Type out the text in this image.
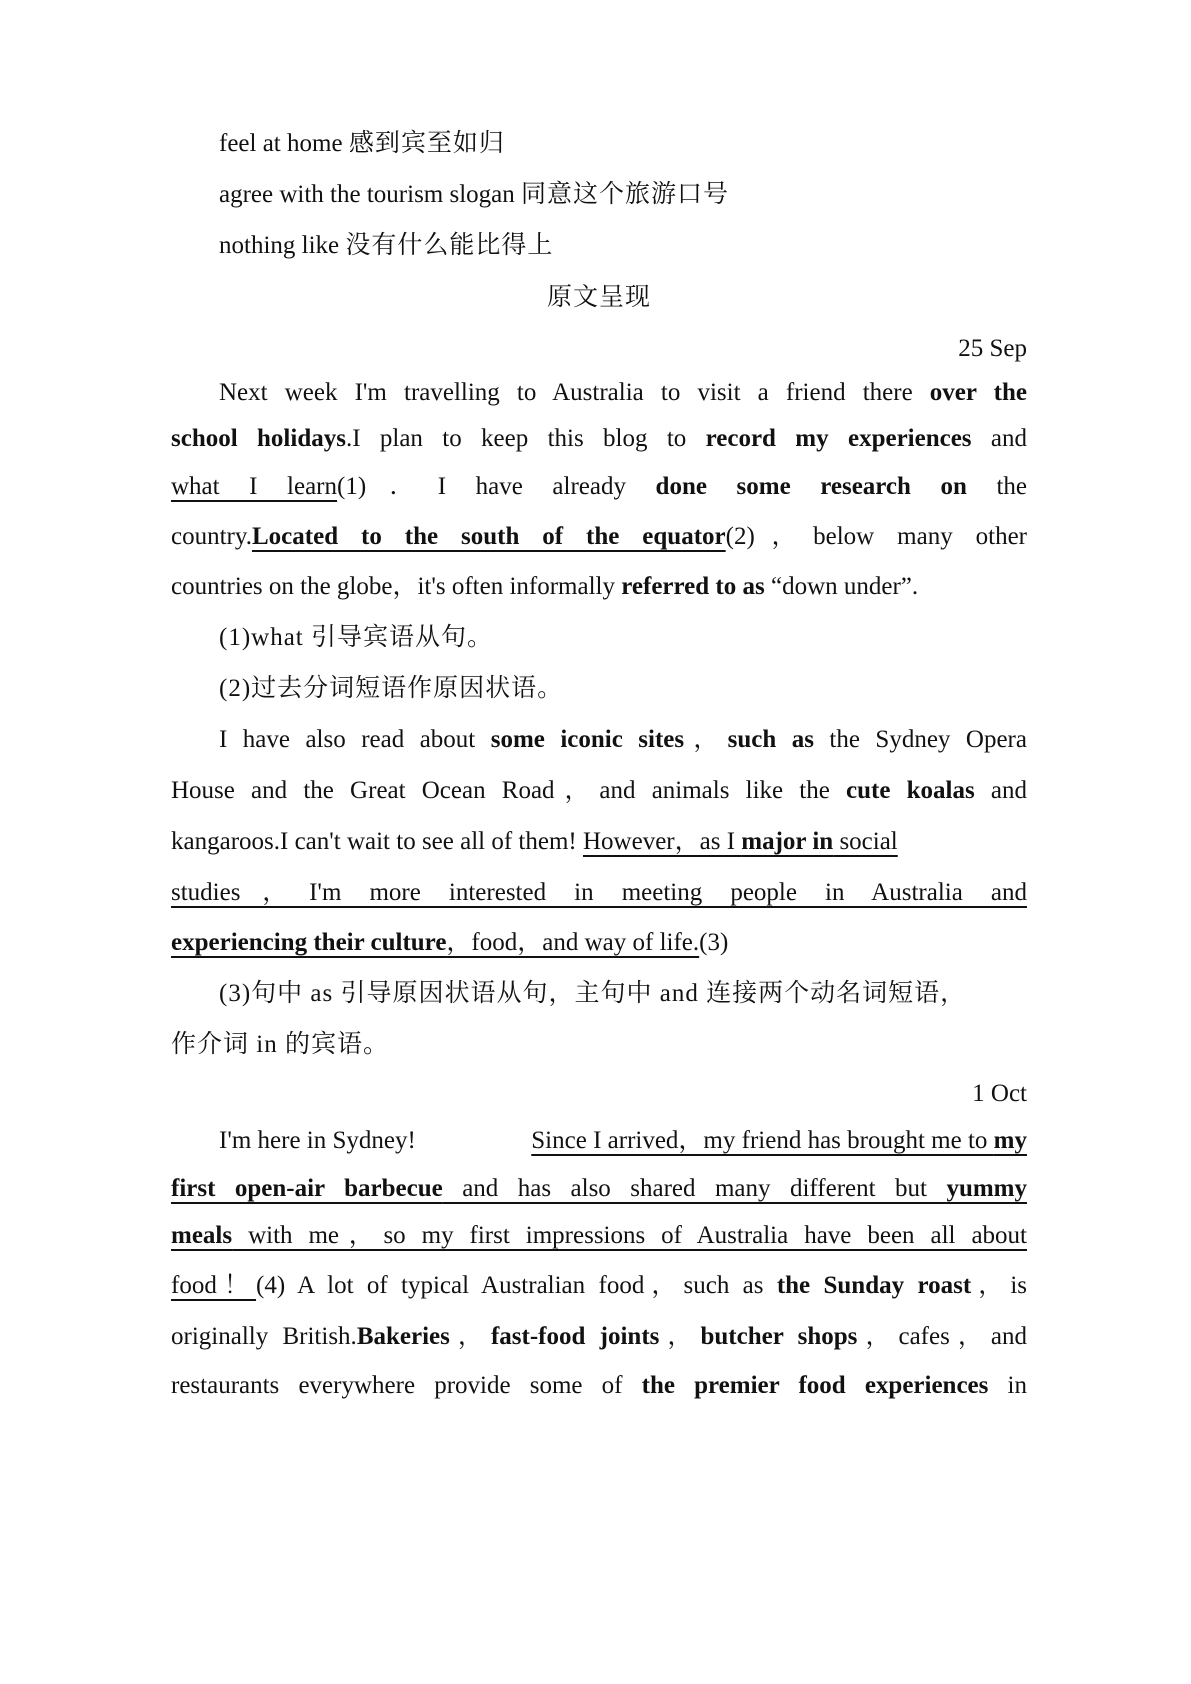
feel at home 感到宾至如归
agree with the tourism slogan 同意这个旅游口号
nothing like 没有什么能比得上
原文呈现
25 Sep
Next week I'm travelling to Australia to visit a friend there over the
school holidays.I plan to keep this blog to record my experiences and
what I learn(1)．I have already done some research on the
country.Located to the south of the equator(2)，below many other
countries on the globe，it's often informally referred to as “down under”.
(1)what 引导宾语从句。
(2)过去分词短语作原因状语。
I have also read about some iconic sites，such as the Sydney Opera
House and the Great Ocean Road，and animals like the cute koalas and
kangaroos.I can't wait to see all of them! However，as I major in social
studies，I'm more interested in meeting people in Australia and
experiencing their culture，food，and way of life.(3)
(3)句中 as 引导原因状语从句，主句中 and 连接两个动名词短语，
作介词 in 的宾语。
1 Oct
I'm here in Sydney!	Since I arrived，my friend has brought me to my
first open-air barbecue and has also shared many different but yummy
meals with me，so my first impressions of Australia have been all about
food！(4) A lot of typical Australian food，such as the Sunday roast，is
originally British.Bakeries，fast-food joints，butcher shops，cafes，and
restaurants everywhere provide some of the premier food experiences in
